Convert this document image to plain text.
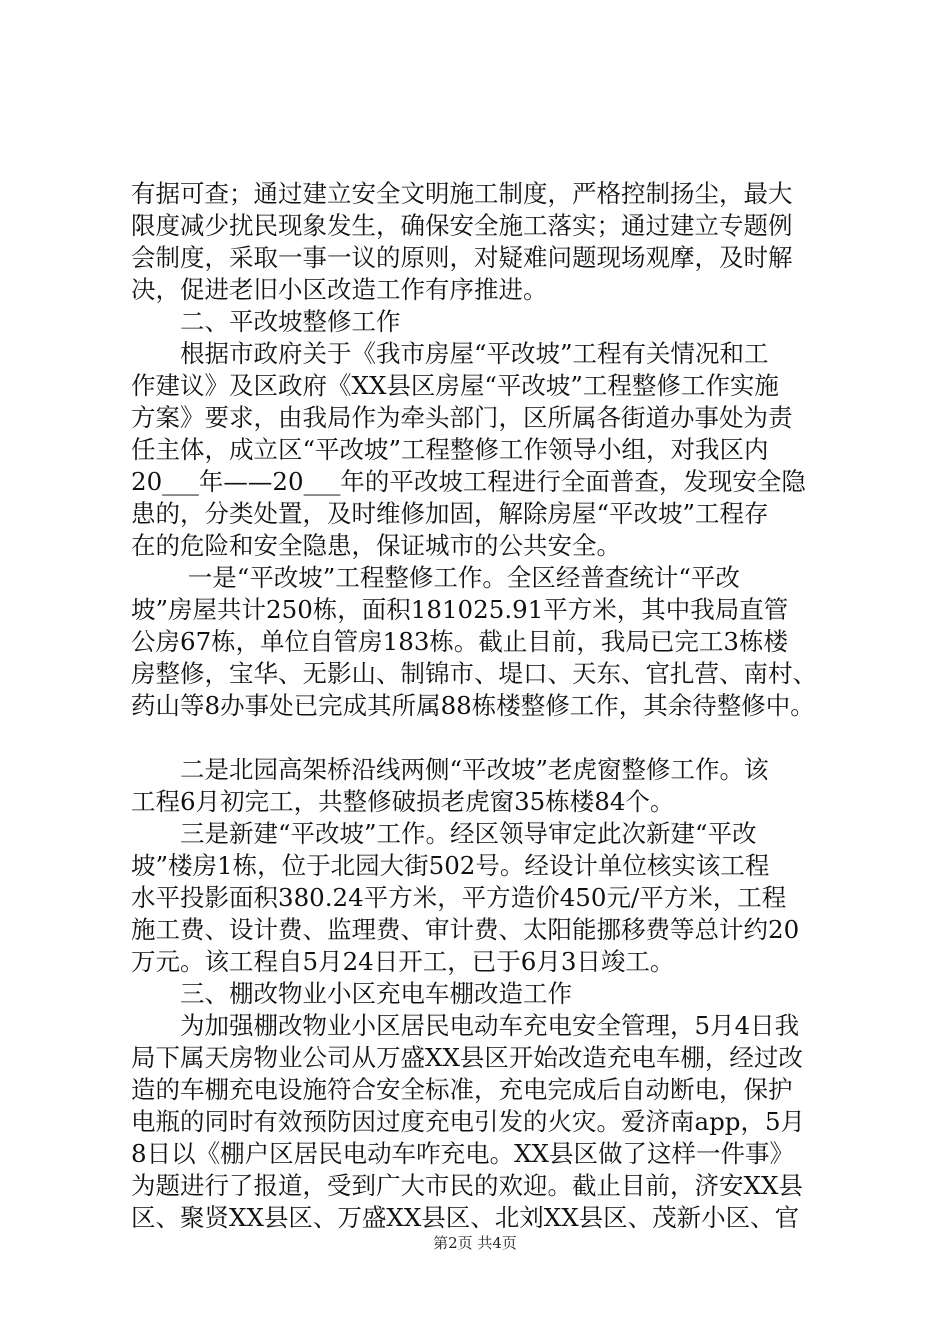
有据可查；通过建立安全文明施工制度，严格控制扬尘，最大
限度减少扰民现象发生，确保安全施工落实；通过建立专题例
会制度，采取一事一议的原则，对疑难问题现场观摩，及时解
决，促进老旧小区改造工作有序推进。
　　二、平改坡整修工作
　　根据市政府关于《我市房屋“平改坡”工程有关情况和工
作建议》及区政府《XX县区房屋“平改坡”工程整修工作实施
方案》要求，由我局作为牵头部门，区所属各街道办事处为责
任主体，成立区“平改坡”工程整修工作领导小组，对我区内
20___年——20___年的平改坡工程进行全面普查，发现安全隐
患的，分类处置，及时维修加固，解除房屋“平改坡”工程存
在的危险和安全隐患，保证城市的公共安全。
　　 一是“平改坡”工程整修工作。全区经普查统计“平改
坡”房屋共计250栋，面积181025.91平方米，其中我局直管
公房67栋，单位自管房183栋。截止目前，我局已完工3栋楼
房整修，宝华、无影山、制锦市、堤口、天东、官扎营、南村、
药山等8办事处已完成其所属88栋楼整修工作，其余待整修中。
　　二是北园高架桥沿线两侧“平改坡”老虎窗整修工作。该
工程6月初完工，共整修破损老虎窗35栋楼84个。
　　三是新建“平改坡”工作。经区领导审定此次新建“平改
坡”楼房1栋，位于北园大街502号。经设计单位核实该工程
水平投影面积380.24平方米，平方造价450元/平方米，工程
施工费、设计费、监理费、审计费、太阳能挪移费等总计约20
万元。该工程自5月24日开工，已于6月3日竣工。
　　三、棚改物业小区充电车棚改造工作
　　为加强棚改物业小区居民电动车充电安全管理，5月4日我
局下属天房物业公司从万盛XX县区开始改造充电车棚，经过改
造的车棚充电设施符合安全标准，充电完成后自动断电，保护
电瓶的同时有效预防因过度充电引发的火灾。爱济南app，5月
8日以《棚户区居民电动车咋充电。XX县区做了这样一件事》
为题进行了报道，受到广大市民的欢迎。截止目前，济安XX县
区、聚贤XX县区、万盛XX县区、北刘XX县区、茂新小区、官
第2页 共4页
